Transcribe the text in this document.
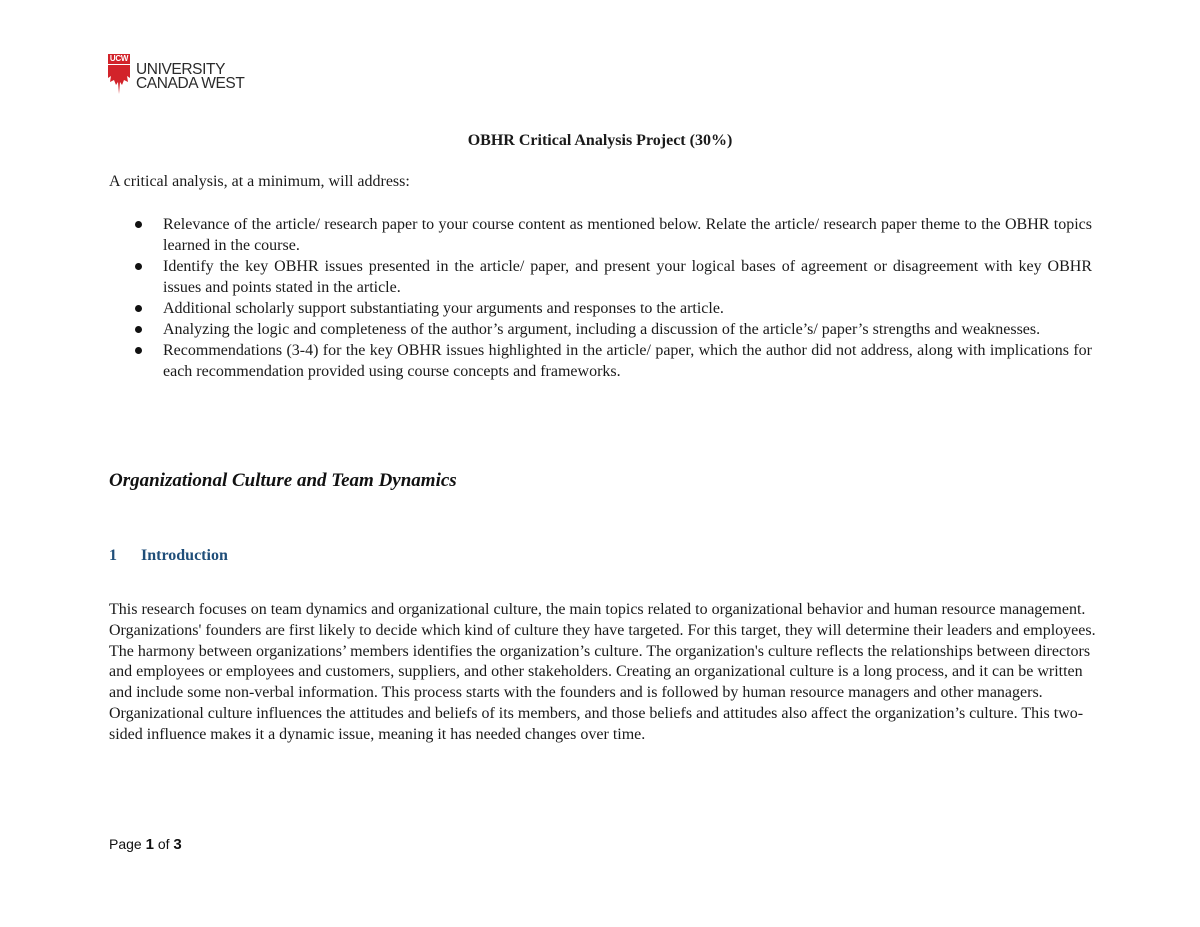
UCW
UNIVERSITY
CANADA WEST
OBHR Critical Analysis Project (30%)
A critical analysis, at a minimum, will address:
Relevance of the article/ research paper to your course content as mentioned below. Relate the article/ research paper theme to the OBHR topics learned in the course.
Identify the key OBHR issues presented in the article/ paper, and present your logical bases of agreement or disagreement with key OBHR issues and points stated in the article.
Additional scholarly support substantiating your arguments and responses to the article.
Analyzing the logic and completeness of the author’s argument, including a discussion of the article’s/ paper’s strengths and weaknesses.
Recommendations (3-4) for the key OBHR issues highlighted in the article/ paper, which the author did not address, along with implications for each recommendation provided using course concepts and frameworks.
Organizational Culture and Team Dynamics
1 Introduction

This research focuses on team dynamics and organizational culture, the main topics related to organizational behavior and human resource management. Organizations' founders are first likely to decide which kind of culture they have targeted. For this target, they will determine their leaders and employees. The harmony between organizations’ members identifies the organization’s culture. The organization's culture reflects the relationships between directors and employees or employees and customers, suppliers, and other stakeholders. Creating an organizational culture is a long process, and it can be written and include some non-verbal information. This process starts with the founders and is followed by human resource managers and other managers. Organizational culture influences the attitudes and beliefs of its members, and those beliefs and attitudes also affect the organization’s culture. This two-sided influence makes it a dynamic issue, meaning it has needed changes over time.

Page 1 of 3
